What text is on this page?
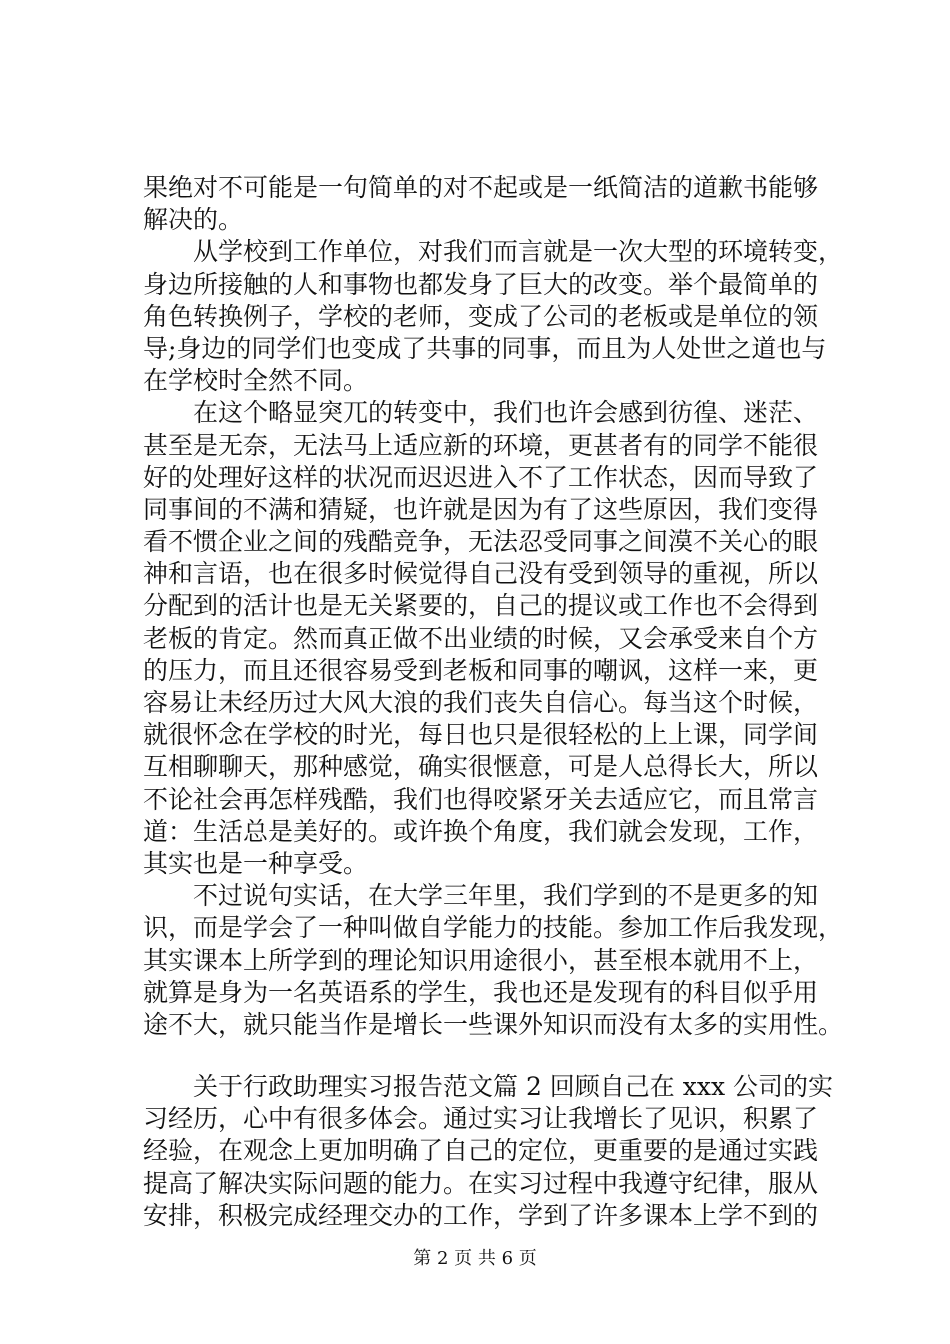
果绝对不可能是一句简单的对不起或是一纸简洁的道歉书能够
解决的。
　　从学校到工作单位，对我们而言就是一次大型的环境转变，
身边所接触的人和事物也都发身了巨大的改变。举个最简单的
角色转换例子，学校的老师，变成了公司的老板或是单位的领
导;身边的同学们也变成了共事的同事，而且为人处世之道也与
在学校时全然不同。
　　在这个略显突兀的转变中，我们也许会感到彷徨、迷茫、
甚至是无奈，无法马上适应新的环境，更甚者有的同学不能很
好的处理好这样的状况而迟迟进入不了工作状态，因而导致了
同事间的不满和猜疑，也许就是因为有了这些原因，我们变得
看不惯企业之间的残酷竞争，无法忍受同事之间漠不关心的眼
神和言语，也在很多时候觉得自己没有受到领导的重视，所以
分配到的活计也是无关紧要的，自己的提议或工作也不会得到
老板的肯定。然而真正做不出业绩的时候，又会承受来自个方
的压力，而且还很容易受到老板和同事的嘲讽，这样一来，更
容易让未经历过大风大浪的我们丧失自信心。每当这个时候，
就很怀念在学校的时光，每日也只是很轻松的上上课，同学间
互相聊聊天，那种感觉，确实很惬意，可是人总得长大，所以
不论社会再怎样残酷，我们也得咬紧牙关去适应它，而且常言
道：生活总是美好的。或许换个角度，我们就会发现，工作，
其实也是一种享受。
　　不过说句实话，在大学三年里，我们学到的不是更多的知
识，而是学会了一种叫做自学能力的技能。参加工作后我发现，
其实课本上所学到的理论知识用途很小，甚至根本就用不上，
就算是身为一名英语系的学生，我也还是发现有的科目似乎用
途不大，就只能当作是增长一些课外知识而没有太多的实用性。
　　关于行政助理实习报告范文篇 2 回顾自己在 xxx 公司的实
习经历，心中有很多体会。通过实习让我增长了见识，积累了
经验，在观念上更加明确了自己的定位，更重要的是通过实践
提高了解决实际问题的能力。在实习过程中我遵守纪律，服从
安排，积极完成经理交办的工作，学到了许多课本上学不到的
第 2 页 共 6 页
